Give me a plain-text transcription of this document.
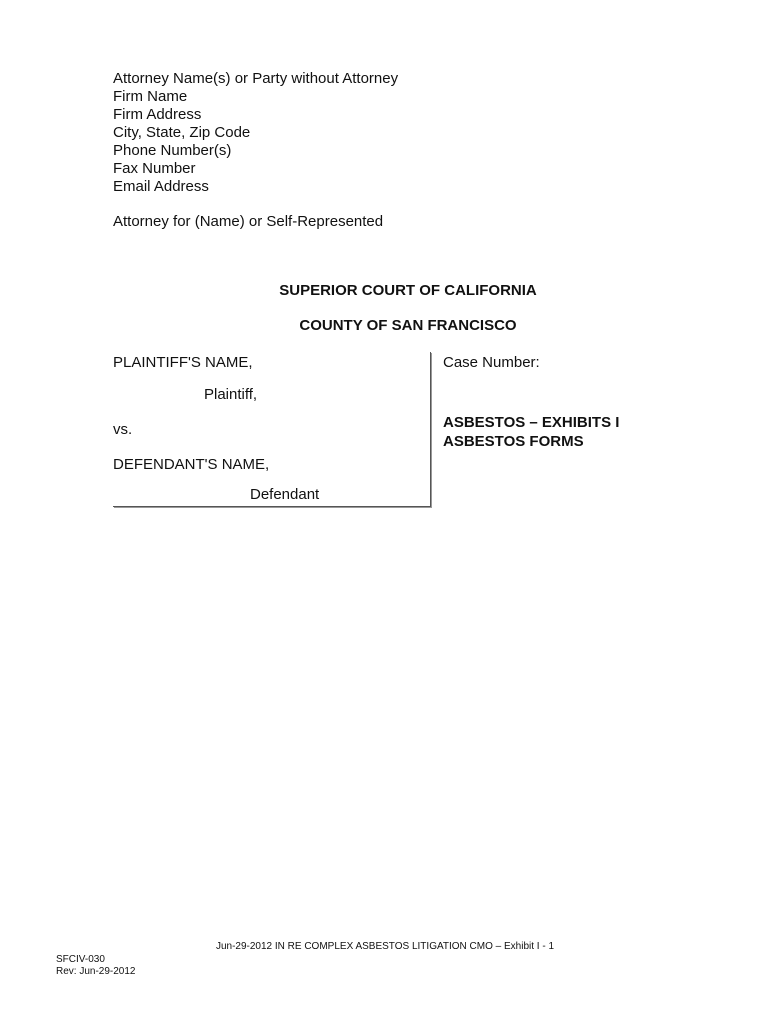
Attorney Name(s) or Party without Attorney
Firm Name
Firm Address
City, State, Zip Code
Phone Number(s)
Fax Number
Email Address
Attorney for (Name) or Self-Represented
SUPERIOR COURT OF CALIFORNIA
COUNTY OF SAN FRANCISCO
PLAINTIFF'S NAME,
Plaintiff,
vs.
DEFENDANT'S NAME,
Defendant
Case Number:
ASBESTOS – EXHIBITS I
ASBESTOS FORMS
Jun-29-2012 IN RE COMPLEX ASBESTOS LITIGATION CMO – Exhibit I - 1
SFCIV-030
Rev: Jun-29-2012
